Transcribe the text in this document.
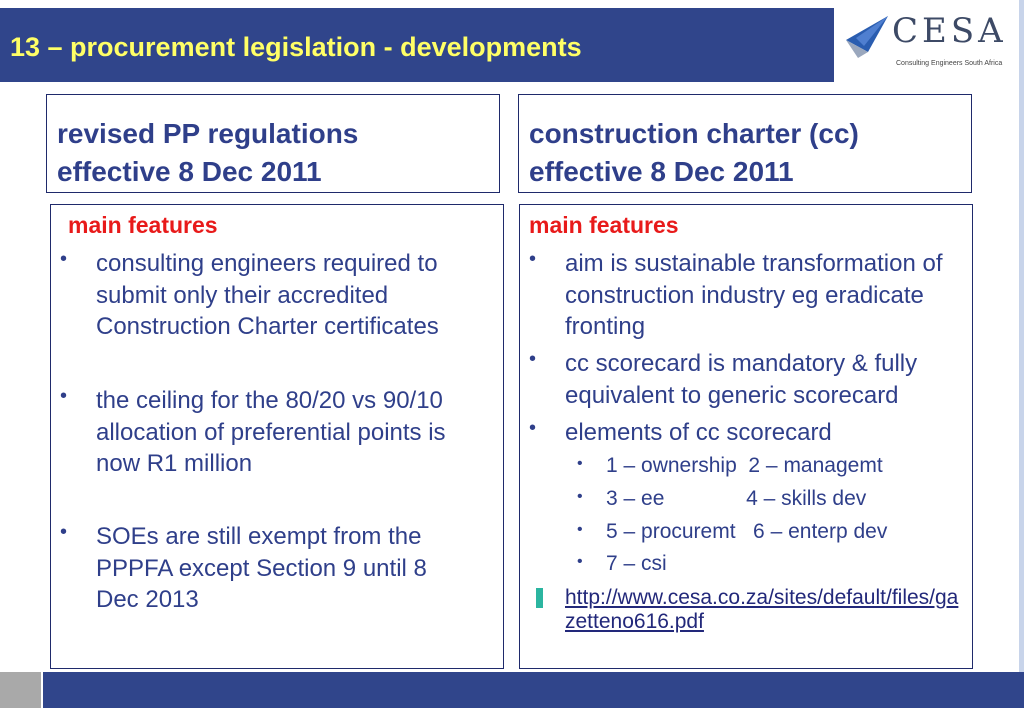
13 – procurement legislation - developments	CESA
Consulting Engineers South Africa
revised PP regulations
effective 8 Dec 2011
construction charter (cc)
effective 8 Dec 2011
main features
• consulting engineers required to submit only their accredited Construction Charter certificates
• the ceiling for the 80/20 vs 90/10 allocation of preferential points is now R1 million
• SOEs are still exempt from the PPPFA except Section 9 until 8 Dec 2013
main features
• aim is sustainable transformation of construction industry eg eradicate fronting
• cc scorecard is mandatory & fully equivalent to generic scorecard
• elements of cc scorecard
• 1 – ownership  2 – managemt
• 3 – ee              4 – skills dev
• 5 – procuremt   6 – enterp dev
• 7 – csi
http://www.cesa.co.za/sites/default/files/gazetteno616.pdf
